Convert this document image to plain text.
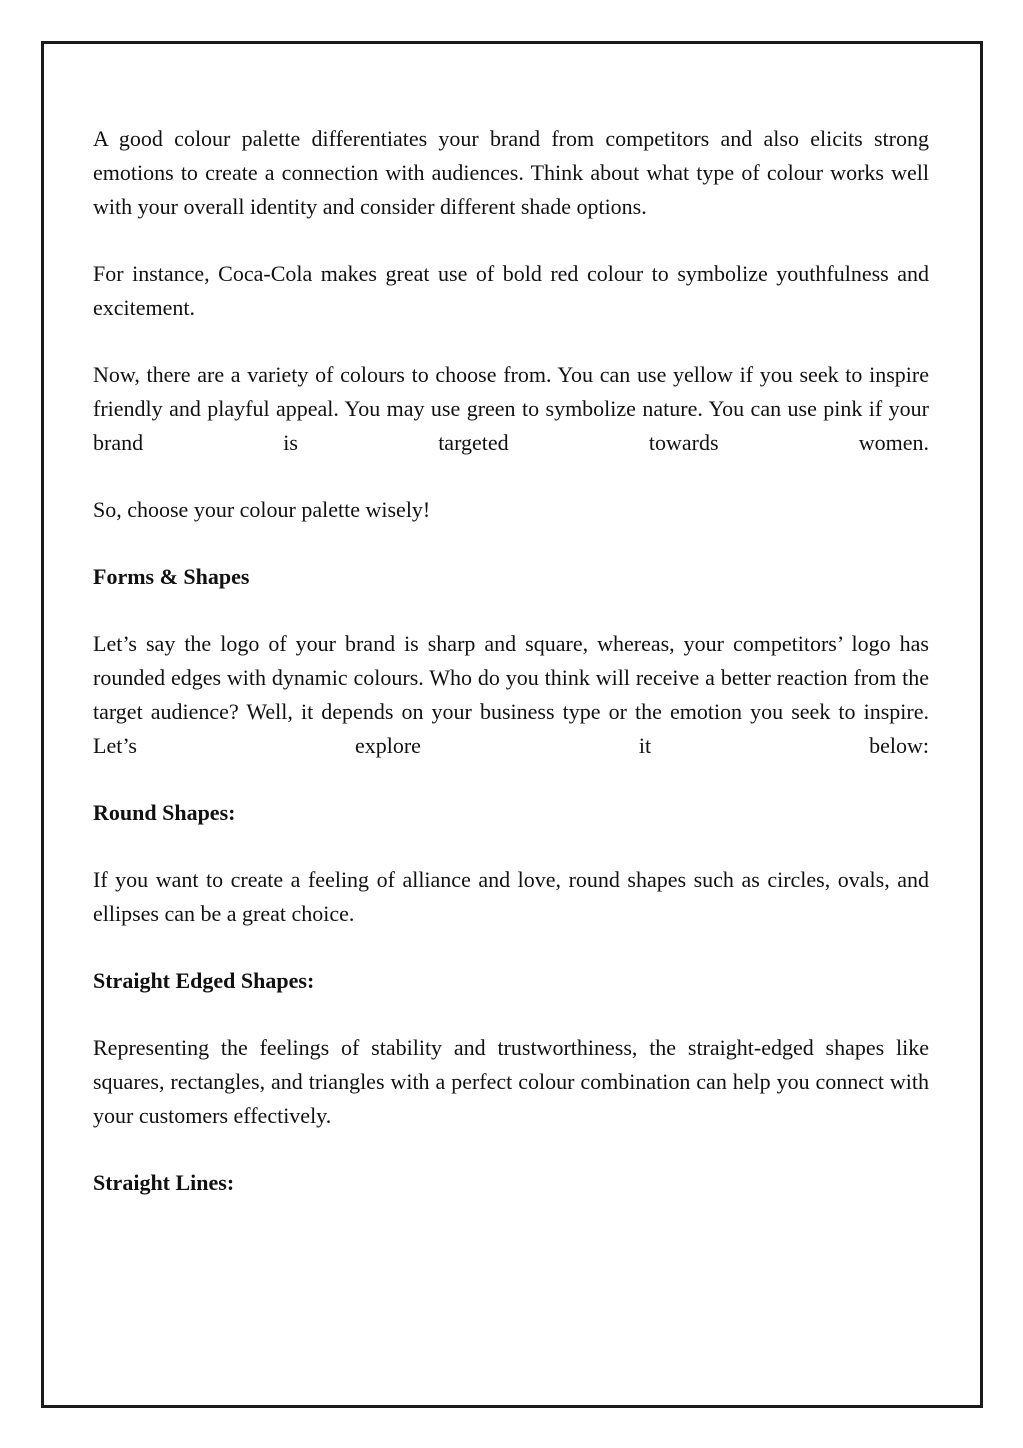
A good colour palette differentiates your brand from competitors and also elicits strong emotions to create a connection with audiences. Think about what type of colour works well with your overall identity and consider different shade options.

For instance, Coca-Cola makes great use of bold red colour to symbolize youthfulness and excitement.

Now, there are a variety of colours to choose from. You can use yellow if you seek to inspire friendly and playful appeal. You may use green to symbolize nature. You can use pink if your brand is targeted towards women.

So, choose your colour palette wisely!

Forms & Shapes

Let’s say the logo of your brand is sharp and square, whereas, your competitors’ logo has rounded edges with dynamic colours. Who do you think will receive a better reaction from the target audience? Well, it depends on your business type or the emotion you seek to inspire. Let’s explore it below:

Round Shapes:

If you want to create a feeling of alliance and love, round shapes such as circles, ovals, and ellipses can be a great choice.

Straight Edged Shapes:

Representing the feelings of stability and trustworthiness, the straight-edged shapes like squares, rectangles, and triangles with a perfect colour combination can help you connect with your customers effectively.

Straight Lines:
